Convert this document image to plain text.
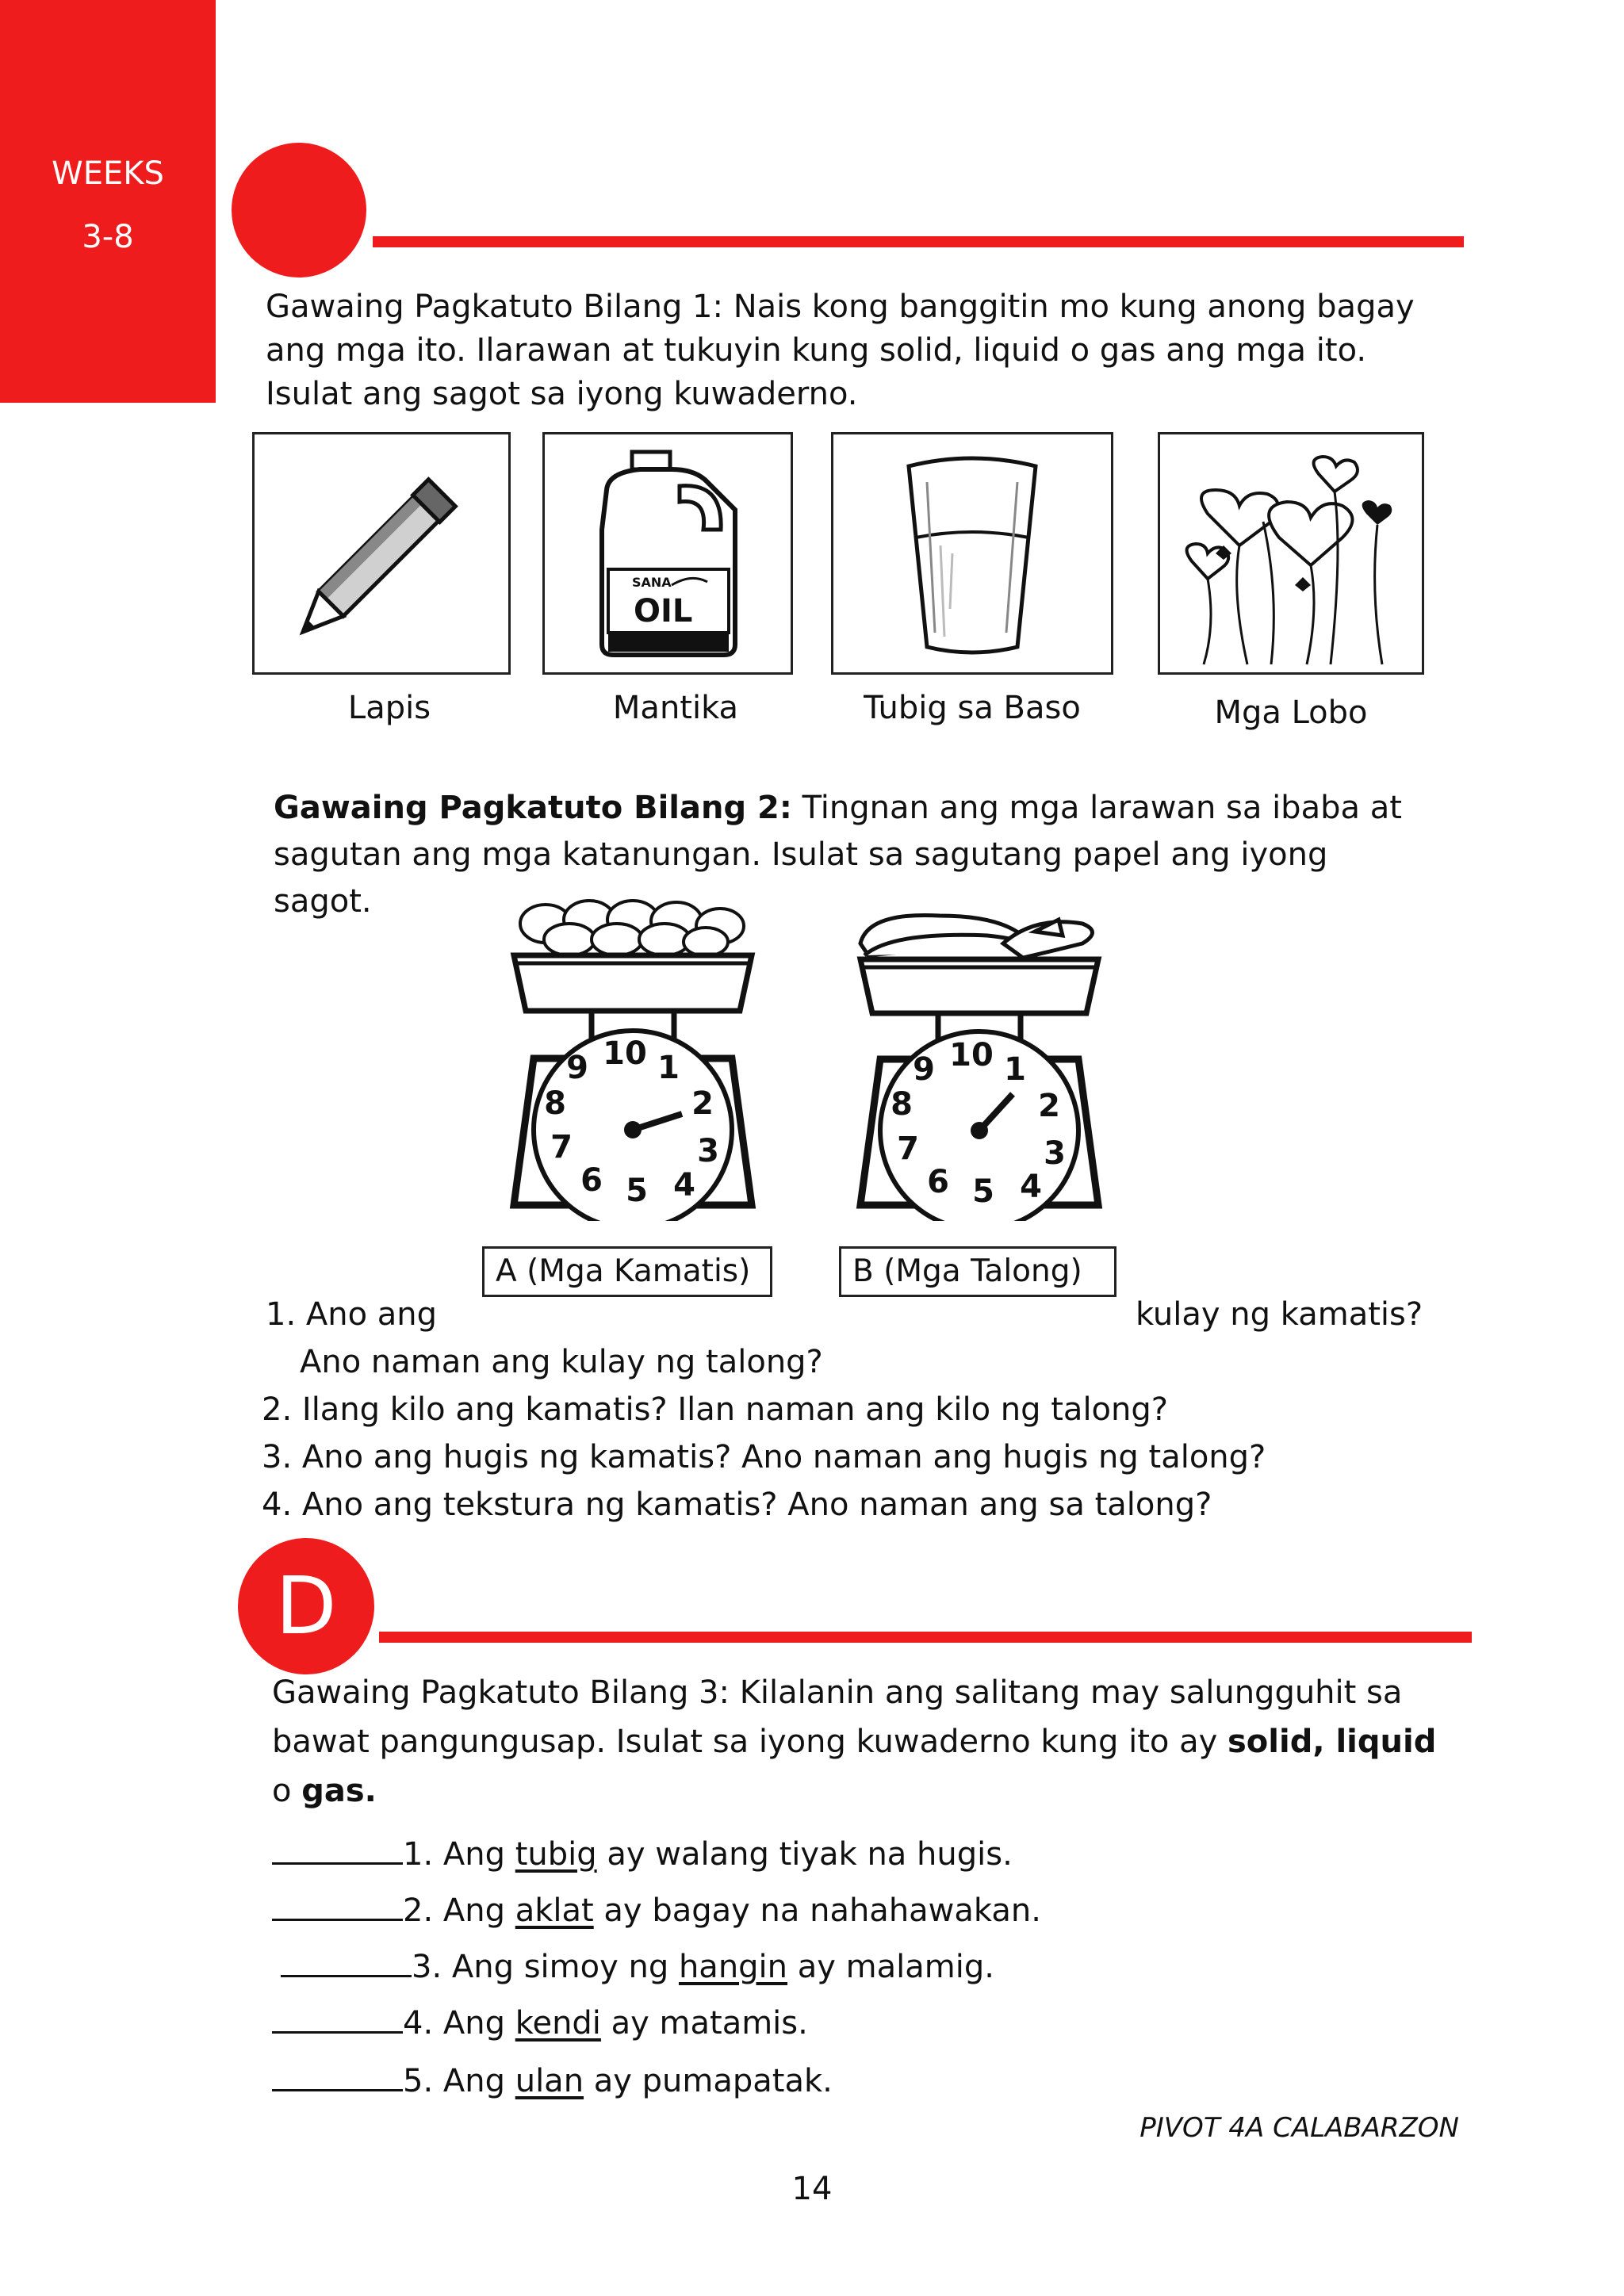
WEEKS
3-8
Gawaing Pagkatuto Bilang 1: Nais kong banggitin mo kung anong bagay ang mga ito. Ilarawan at tukuyin kung solid, liquid o gas ang mga ito. Isulat ang sagot sa iyong kuwaderno.
SANA
OIL
Lapis	Mantika	Tubig sa Baso	Mga Lobo
Gawaing Pagkatuto Bilang 2: Tingnan ang mga larawan sa ibaba at sagutan ang mga katanungan. Isulat sa sagutang papel ang iyong sagot.
1
2
3
4
5
6
7
8
9 10	1
2
3
4
5
6
7
8
9 10
A (Mga Kamatis)	B (Mga Talong)
1. Ano ang	kulay ng kamatis?
Ano naman ang kulay ng talong?
2. Ilang kilo ang kamatis? Ilan naman ang kilo ng talong?
3. Ano ang hugis ng kamatis? Ano naman ang hugis ng talong?
4. Ano ang tekstura ng kamatis? Ano naman ang sa talong?
D
Gawaing Pagkatuto Bilang 3: Kilalanin ang salitang may salungguhit sa bawat pangungusap. Isulat sa iyong kuwaderno kung ito ay solid, liquid o gas.
1. Ang tubig ay walang tiyak na hugis.
2. Ang aklat ay bagay na nahahawakan.
3. Ang simoy ng hangin ay malamig.
4. Ang kendi ay matamis.
5. Ang ulan ay pumapatak.
PIVOT 4A CALABARZON
14
